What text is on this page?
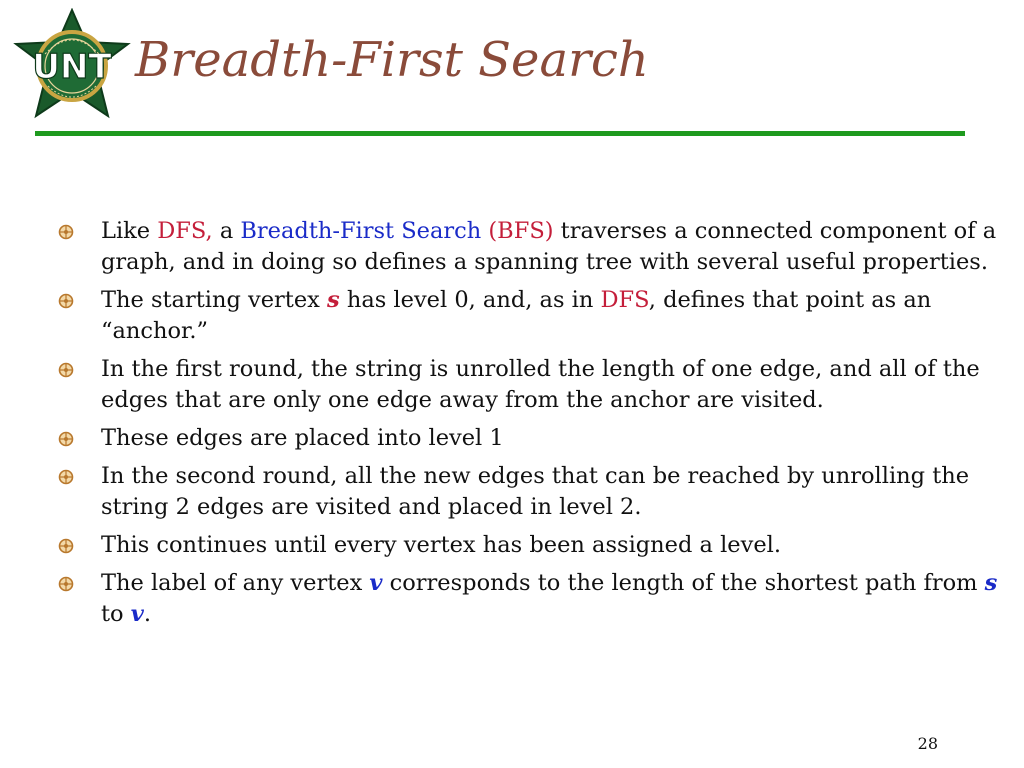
UNT Breadth-First Search
Like DFS, a Breadth-First Search (BFS) traverses a connected component of a graph, and in doing so defines a spanning tree with several useful properties.
The starting vertex s has level 0, and, as in DFS, defines that point as an “anchor.”
In the first round, the string is unrolled the length of one edge, and all of the edges that are only one edge away from the anchor are visited.
These edges are placed into level 1
In the second round, all the new edges that can be reached by unrolling the string 2 edges are visited and placed in level 2.
This continues until every vertex has been assigned a level.
The label of any vertex v corresponds to the length of the shortest path from s to v.
28
